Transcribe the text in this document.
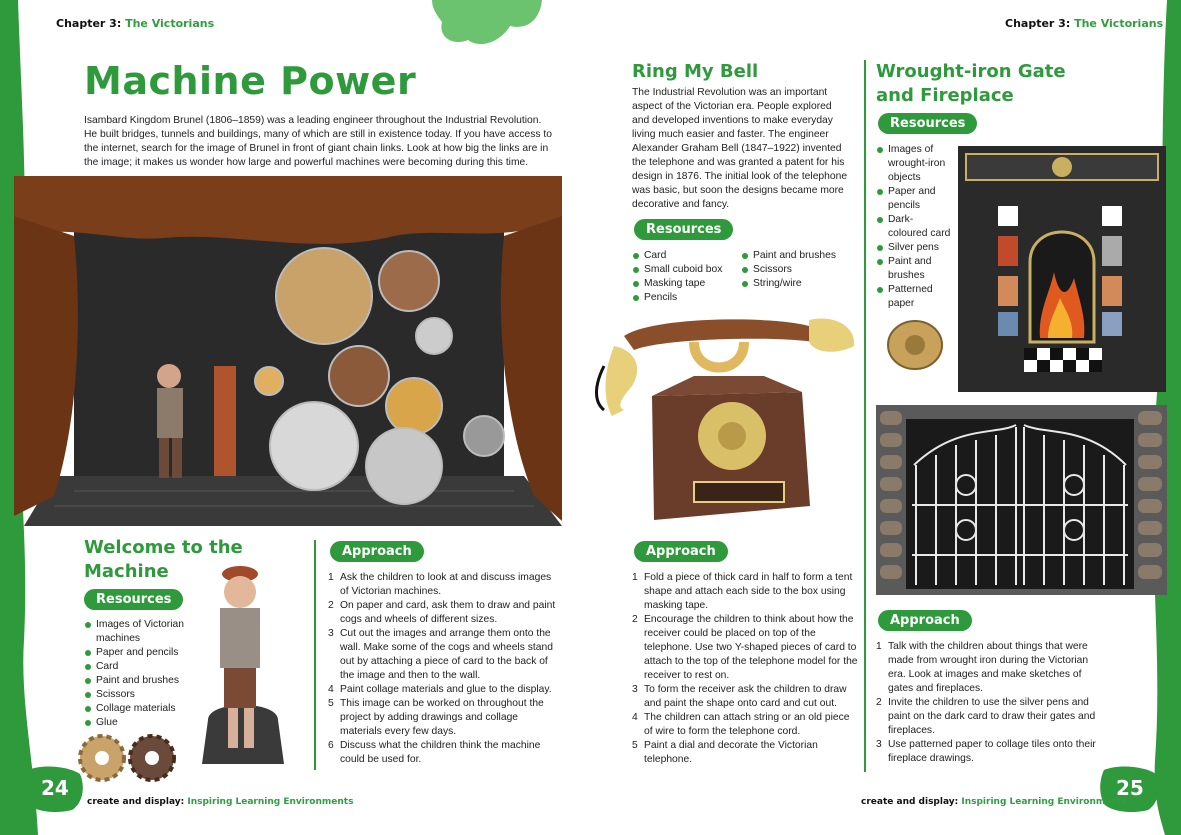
Chapter 3: The Victorians	Chapter 3: The Victorians
Machine Power
Isambard Kingdom Brunel (1806–1859) was a leading engineer throughout the Industrial Revolution. He built bridges, tunnels and buildings, many of which are still in existence today. If you have access to the internet, search for the image of Brunel in front of giant chain links. Look at how big the links are in the image; it makes us wonder how large and powerful machines were becoming during this time.
Welcome to the
Machine
Resources
Images of Victorian machines
Paper and pencils
Card
Paint and brushes
Scissors
Collage materials
Glue
Approach
1 Ask the children to look at and discuss images of Victorian machines.
2 On paper and card, ask them to draw and paint cogs and wheels of different sizes.
3 Cut out the images and arrange them onto the wall. Make some of the cogs and wheels stand out by attaching a piece of card to the back of the image and then to the wall.
4 Paint collage materials and glue to the display.
5 This image can be worked on throughout the project by adding drawings and collage materials every few days.
6 Discuss what the children think the machine could be used for.
24
create and display: Inspiring Learning Environments
Ring My Bell
The Industrial Revolution was an important aspect of the Victorian era. People explored and developed inventions to make everyday living much easier and faster. The engineer Alexander Graham Bell (1847–1922) invented the telephone and was granted a patent for his design in 1876. The initial look of the telephone was basic, but soon the designs became more decorative and fancy.
Resources
Card
Small cuboid box
Masking tape
Pencils
Paint and brushes
Scissors
String/wire
Approach
1 Fold a piece of thick card in half to form a tent shape and attach each side to the box using masking tape.
2 Encourage the children to think about how the receiver could be placed on top of the telephone. Use two Y-shaped pieces of card to attach to the top of the telephone model for the receiver to rest on.
3 To form the receiver ask the children to draw and paint the shape onto card and cut out.
4 The children can attach string or an old piece of wire to form the telephone cord.
5 Paint a dial and decorate the Victorian telephone.
Wrought-iron Gate
and Fireplace
Resources
Images of wrought-iron objects
Paper and pencils
Dark-coloured card
Silver pens
Paint and brushes
Patterned paper
Approach
1 Talk with the children about things that were made from wrought iron during the Victorian era. Look at images and make sketches of gates and fireplaces.
2 Invite the children to use the silver pens and paint on the dark card to draw their gates and fireplaces.
3 Use patterned paper to collage tiles onto their fireplace drawings.
25
create and display: Inspiring Learning Environments
